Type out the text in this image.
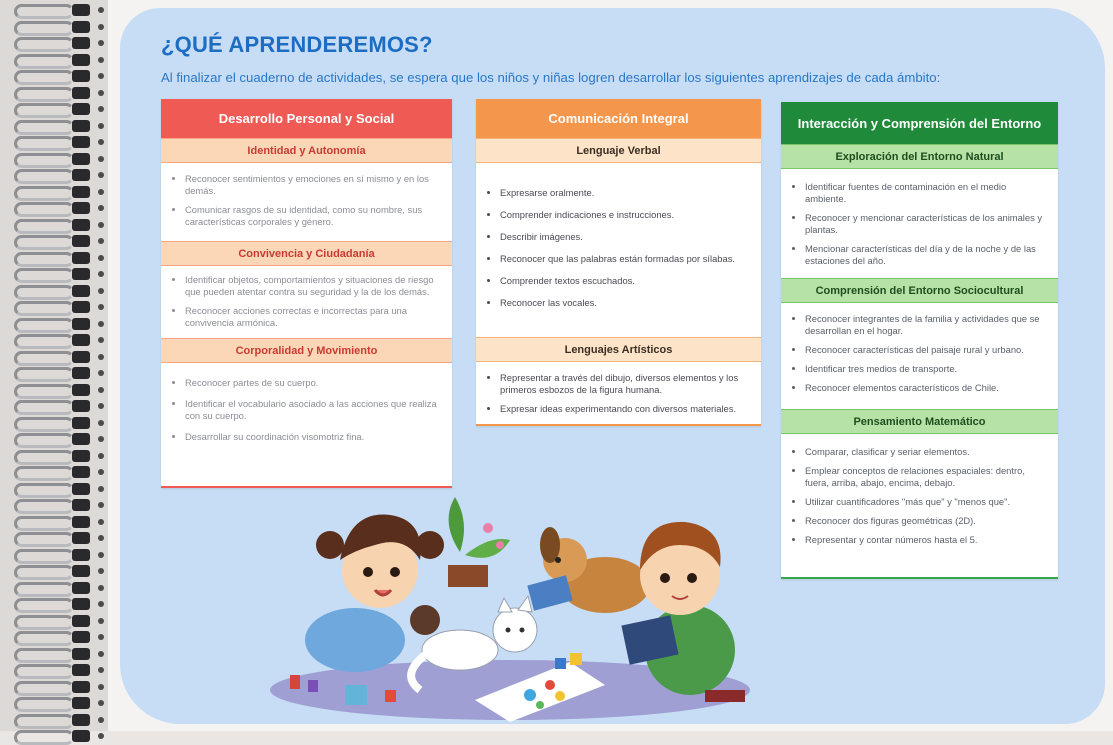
¿QUÉ APRENDEREMOS?

Al finalizar el cuaderno de actividades, se espera que los niños y niñas logren desarrollar los siguientes aprendizajes de cada ámbito:

Desarrollo Personal y Social
Identidad y Autonomía
• Reconocer sentimientos y emociones en sí mismo y en los demás.
• Comunicar rasgos de su identidad, como su nombre, sus características corporales y género.
Convivencia y Ciudadanía
• Identificar objetos, comportamientos y situaciones de riesgo que pueden atentar contra su seguridad y la de los demás.
• Reconocer acciones correctas e incorrectas para una convivencia armónica.
Corporalidad y Movimiento
• Reconocer partes de su cuerpo.
• Identificar el vocabulario asociado a las acciones que realiza con su cuerpo.
• Desarrollar su coordinación visomotriz fina.
Comunicación Integral
Lenguaje Verbal
• Expresarse oralmente.
• Comprender indicaciones e instrucciones.
• Describir imágenes.
• Reconocer que las palabras están formadas por sílabas.
• Comprender textos escuchados.
• Reconocer las vocales.
Lenguajes Artísticos
• Representar a través del dibujo, diversos elementos y los primeros esbozos de la figura humana.
• Expresar ideas experimentando con diversos materiales.
Interacción y Comprensión del Entorno
Exploración del Entorno Natural
• Identificar fuentes de contaminación en el medio ambiente.
• Reconocer y mencionar características de los animales y plantas.
• Mencionar características del día y de la noche y de las estaciones del año.
Comprensión del Entorno Sociocultural
• Reconocer integrantes de la familia y actividades que se desarrollan en el hogar.
• Reconocer características del paisaje rural y urbano.
• Identificar tres medios de transporte.
• Reconocer elementos característicos de Chile.
Pensamiento Matemático
• Comparar, clasificar y seriar elementos.
• Emplear conceptos de relaciones espaciales: dentro, fuera, arriba, abajo, encima, debajo.
• Utilizar cuantificadores "más que" y "menos que".
• Reconocer dos figuras geométricas (2D).
• Representar y contar números hasta el 5.
